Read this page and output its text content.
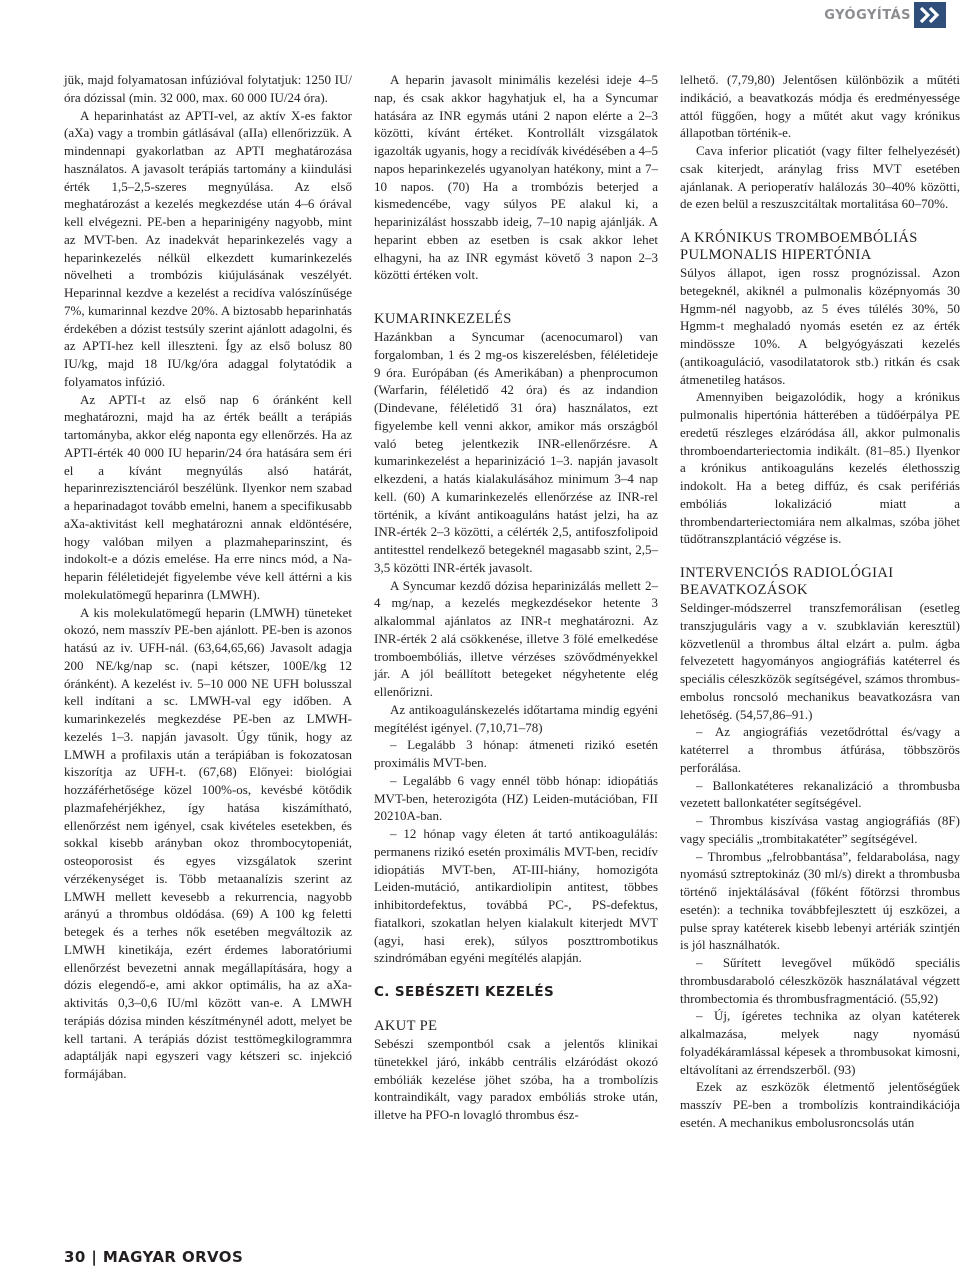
GYÓGYÍTÁS

jük, majd folyamatosan infúzióval folytatjuk: 1250 IU/óra dózissal (min. 32 000, max. 60 000 IU/24 óra).

A heparinhatást az APTI-vel, az aktív X-es faktor (aXa) vagy a trombin gátlásával (aIIa) ellenőrizzük. A mindennapi gyakorlatban az APTI meghatározása használatos. A javasolt terápiás tartomány a kiindulási érték 1,5–2,5-szeres megnyúlása. Az első meghatározást a kezelés megkezdése után 4–6 órával kell elvégezni. PE-ben a heparinigény nagyobb, mint az MVT-ben. Az inadekvát heparinkezelés vagy a heparinkezelés nélkül elkezdett kumarinkezelés növelheti a trombózis kiújulásának veszélyét. Heparinnal kezdve a kezelést a recidíva valószínűsége 7%, kumarinnal kezdve 20%. A biztosabb heparinhatás érdekében a dózist testsúly szerint ajánlott adagolni, és az APTI-hez kell illeszteni. Így az első bolusz 80 IU/kg, majd 18 IU/kg/óra adaggal folytatódik a folyamatos infúzió.

Az APTI-t az első nap 6 óránként kell meghatározni, majd ha az érték beállt a terápiás tartományba, akkor elég naponta egy ellenőrzés. Ha az APTI-érték 40 000 IU heparin/24 óra hatására sem éri el a kívánt megnyúlás alsó határát, heparinrezisztenciáról beszélünk. Ilyenkor nem szabad a heparinadagot tovább emelni, hanem a specifikusabb aXa-aktivitást kell meghatározni annak eldöntésére, hogy valóban milyen a plazmaheparinszint, és indokolt-e a dózis emelése. Ha erre nincs mód, a Na-heparin féléletidejét figyelembe véve kell áttérni a kis molekulatömegű heparinra (LMWH).

A kis molekulatömegű heparin (LMWH) tüneteket okozó, nem masszív PE-ben ajánlott. PE-ben is azonos hatású az iv. UFH-nál. (63,64,65,66) Javasolt adagja 200 NE/kg/nap sc. (napi kétszer, 100E/kg 12 óránként). A kezelést iv. 5–10 000 NE UFH bolusszal kell indítani a sc. LMWH-val egy időben. A kumarinkezelés megkezdése PE-ben az LMWH-kezelés 1–3. napján javasolt. Úgy tűnik, hogy az LMWH a profilaxis után a terápiában is fokozatosan kiszorítja az UFH-t. (67,68) Előnyei: biológiai hozzáférhetősége közel 100%-os, kevésbé kötődik plazmafehérjékhez, így hatása kiszámítható, ellenőrzést nem igényel, csak kivételes esetekben, és sokkal kisebb arányban okoz thrombocytopeniát, osteoporosist és egyes vizsgálatok szerint vérzékenységet is. Több metaanalízis szerint az LMWH mellett kevesebb a rekurrencia, nagyobb arányú a thrombus oldódása. (69) A 100 kg feletti betegek és a terhes nők esetében megváltozik az LMWH kinetikája, ezért érdemes laboratóriumi ellenőrzést bevezetni annak megállapítására, hogy a dózis elegendő-e, ami akkor optimális, ha az aXa-aktivitás 0,3–0,6 IU/ml között van-e. A LMWH terápiás dózisa minden készítménynél adott, melyet be kell tartani. A terápiás dózist testtömegkilogrammra adaptálják napi egyszeri vagy kétszeri sc. injekció formájában.

A heparin javasolt minimális kezelési ideje 4–5 nap, és csak akkor hagyhatjuk el, ha a Syncumar hatására az INR egymás utáni 2 napon elérte a 2–3 közötti, kívánt értéket. Kontrollált vizsgálatok igazolták ugyanis, hogy a recidívák kivédésében a 4–5 napos heparinkezelés ugyanolyan hatékony, mint a 7–10 napos. (70) Ha a trombózis beterjed a kismedencébe, vagy súlyos PE alakul ki, a heparinizálást hosszabb ideig, 7–10 napig ajánlják. A heparint ebben az esetben is csak akkor lehet elhagyni, ha az INR egymást követő 3 napon 2–3 közötti értéken volt.

KUMARINKEZELÉS

Hazánkban a Syncumar (acenocumarol) van forgalomban, 1 és 2 mg-os kiszerelésben, féléletideje 9 óra. Európában (és Amerikában) a phenprocumon (Warfarin, féléletidő 42 óra) és az indandion (Dindevane, féléletidő 31 óra) használatos, ezt figyelembe kell venni akkor, amikor más országból való beteg jelentkezik INR-ellenőrzésre. A kumarinkezelést a heparinizáció 1–3. napján javasolt elkezdeni, a hatás kialakulásához minimum 3–4 nap kell. (60) A kumarinkezelés ellenőrzése az INR-rel történik, a kívánt antikoaguláns hatást jelzi, ha az INR-érték 2–3 közötti, a célérték 2,5, antifoszfolipoid antitesttel rendelkező betegeknél magasabb szint, 2,5–3,5 közötti INR-érték javasolt.

A Syncumar kezdő dózisa heparinizálás mellett 2–4 mg/nap, a kezelés megkezdésekor hetente 3 alkalommal ajánlatos az INR-t meghatározni. Az INR-érték 2 alá csökkenése, illetve 3 fölé emelkedése tromboembóliás, illetve vérzéses szövődményekkel jár. A jól beállított betegeket négyhetente elég ellenőrizni.

Az antikoagulánskezelés időtartama mindig egyéni megítélést igényel. (7,10,71–78)

– Legalább 3 hónap: átmeneti rizikó esetén proximális MVT-ben.

– Legalább 6 vagy ennél több hónap: idiopátiás MVT-ben, heterozigóta (HZ) Leiden-mutációban, FII 20210A-ban.

– 12 hónap vagy életen át tartó antikoagulálás: permanens rizikó esetén proximális MVT-ben, recidív idiopátiás MVT-ben, AT-III-hiány, homozigóta Leiden-mutáció, antikardiolipin antitest, többes inhibitordefektus, továbbá PC-, PS-defektus, fiatalkori, szokatlan helyen kialakult kiterjedt MVT (agyi, hasi erek), súlyos poszttrombotikus szindrómában egyéni megítélés alapján.

C. SEBÉSZETI KEZELÉS
AKUT PE

Sebészi szempontból csak a jelentős klinikai tünetekkel járó, inkább centrális elzáródást okozó embóliák kezelése jöhet szóba, ha a trombolízis kontraindikált, vagy paradox embóliás stroke után, illetve ha PFO-n lovagló thrombus ész-

lelhető. (7,79,80) Jelentősen különbözik a műtéti indikáció, a beavatkozás módja és eredményessége attól függően, hogy a műtét akut vagy krónikus állapotban történik-e.

Cava inferior plicatiót (vagy filter felhelyezését) csak kiterjedt, aránylag friss MVT esetében ajánlanak. A perioperatív halálozás 30–40% közötti, de ezen belül a reszuszcitáltak mortalitása 60–70%.

A KRÓNIKUS TROMBOEMBÓLIÁS PULMONALIS HIPERTÓNIA

Súlyos állapot, igen rossz prognózissal. Azon betegeknél, akiknél a pulmonalis középnyomás 30 Hgmm-nél nagyobb, az 5 éves túlélés 30%, 50 Hgmm-t meghaladó nyomás esetén ez az érték mindössze 10%. A belgyógyászati kezelés (antikoaguláció, vasodilatatorok stb.) ritkán és csak átmenetileg hatásos.

Amennyiben beigazolódik, hogy a krónikus pulmonalis hipertónia hátterében a tüdőérpálya PE eredetű részleges elzáródása áll, akkor pulmonalis thromboendarteriectomia indikált. (81–85.) Ilyenkor a krónikus antikoaguláns kezelés élethosszig indokolt. Ha a beteg diffúz, és csak perifériás embóliás lokalizáció miatt a thrombendarteriectomiára nem alkalmas, szóba jöhet tüdőtranszplantáció végzése is.

INTERVENCIÓS RADIOLÓGIAI BEAVATKOZÁSOK

Seldinger-módszerrel transzfemorálisan (esetleg transzjuguláris vagy a v. szubklavián keresztül) közvetlenül a thrombus által elzárt a. pulm. ágba felvezetett hagyományos angiográfiás katéterrel és speciális céleszközök segítségével, számos thrombus-embolus roncsoló mechanikus beavatkozásra van lehetőség. (54,57,86–91.)

– Az angiográfiás vezetődróttal és/vagy a katéterrel a thrombus átfúrása, többszörös perforálása.

– Ballonkatéteres rekanalizáció a thrombusba vezetett ballonkatéter segítségével.

– Thrombus kiszívása vastag angiográfiás (8F) vagy speciális „trombitakatéter” segítségével.

– Thrombus „felrobbantása”, feldarabolása, nagy nyomású sztreptokináz (30 ml/s) direkt a thrombusba történő injektálásával (főként főtörzsi thrombus esetén): a technika továbbfejlesztett új eszközei, a pulse spray katéterek kisebb lebenyi artériák szintjén is jól használhatók.

– Sűrített levegővel működő speciális thrombusdaraboló céleszközök használatával végzett thrombectomia és thrombusfragmentáció. (55,92)

– Új, ígéretes technika az olyan katéterek alkalmazása, melyek nagy nyomású folyadékáramlással képesek a thrombusokat kimosni, eltávolítani az érrendszerből. (93)

Ezek az eszközök életmentő jelentőségűek masszív PE-ben a trombolízis kontraindikációja esetén. A mechanikus embolusroncsolás után

30 | MAGYAR ORVOS
